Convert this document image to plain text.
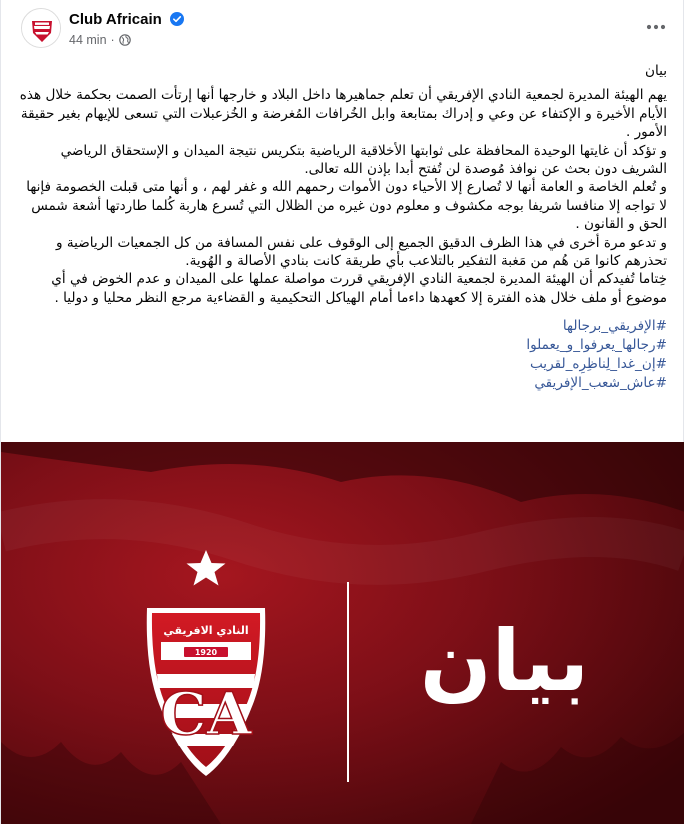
Club Africain
44 min ·

بيان

يهم الهيئة المديرة لجمعية النادي الإفريقي أن تعلم جماهيرها داخل البلاد و خارجها أنها إرتأت الصمت بحكمة خلال هذه الأيام الأخيرة و الإكتفاء عن وعي و إدراك بمتابعة وابل الخُرافات المُغرضة و الخُزعبلات التي تسعى للإيهام بغير حقيقة الأمور .

و تؤكد أن غايتها الوحيدة المحافظة على ثوابتها الأخلاقية الرياضية بتكريس نتيجة الميدان و الإستحقاق الرياضي الشريف دون بحث عن نوافذ مُوصدة لن تُفتح أبدا بإذن الله تعالى.

و تُعلم الخاصة و العامة أنها لا تُصارع إلا الأحياء دون الأموات رحمهم الله و غفر لهم ، و أنها متى قبلت الخصومة فإنها لا تواجه إلا منافسا شريفا بوجه مكشوف و معلوم دون غيره من الظلال التي تُسرع هاربة كُلما طاردتها أشعة شمس الحق و القانون .

و تدعو مرة أخرى في هذا الظرف الدقيق الجميع إلى الوقوف على نفس المسافة من كل الجمعيات الرياضية و تحذرهم كانوا مَن هُم من مَغبة التفكير بالتلاعب بأي طريقة كانت بنادي الأصالة و الهُوية.

خِتاما تُفيدكم أن الهيئة المديرة لجمعية النادي الإفريقي قررت مواصلة عملها على الميدان و عدم الخوض في أي موضوع أو ملف خلال هذه الفترة إلا كعهدها داءما أمام الهياكل التحكيمية و القضاءية مرجع النظر محليا و دوليا .

#الإفريقي_برجالها
#رجالها_يعرفوا_و_يعملوا
#إن_غدا_لِناظِرِه_لقريب
#عاش_شعب_الإفريقي
1920
النادي الافريقي
CA
بيان
